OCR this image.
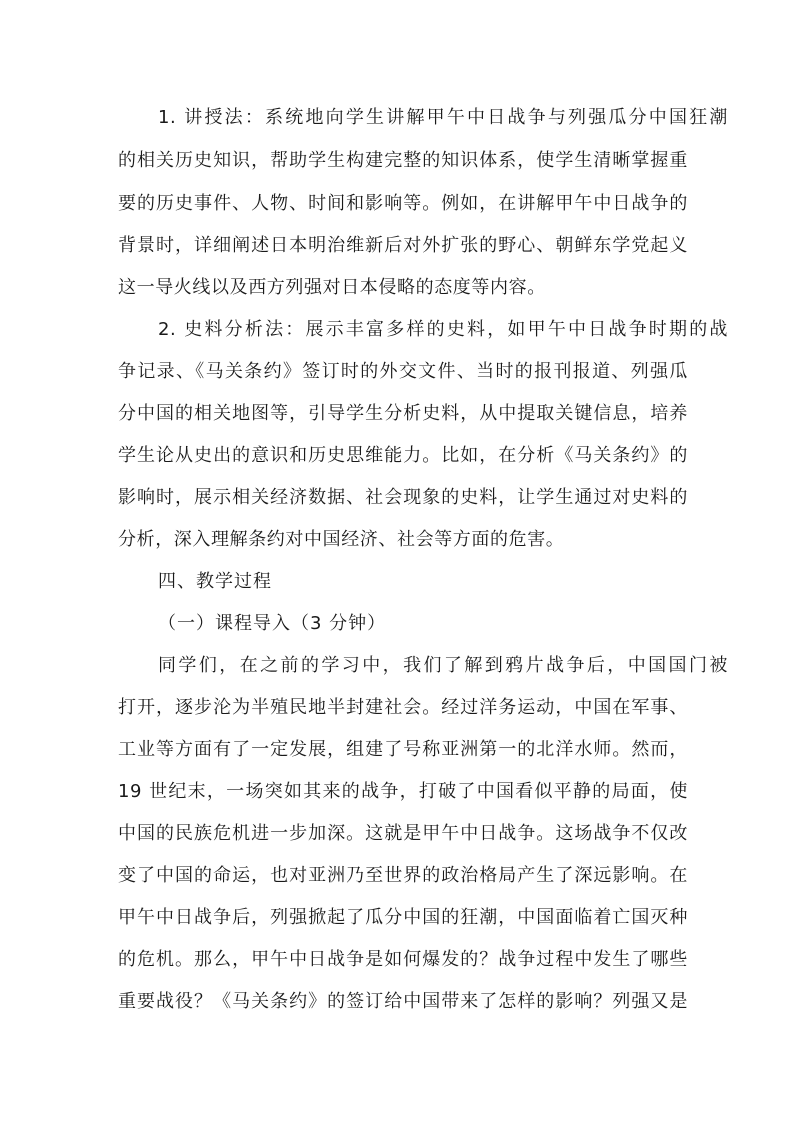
1. 讲授法：系统地向学生讲解甲午中日战争与列强瓜分中国狂潮
的相关历史知识，帮助学生构建完整的知识体系，使学生清晰掌握重
要的历史事件、人物、时间和影响等。例如，在讲解甲午中日战争的
背景时，详细阐述日本明治维新后对外扩张的野心、朝鲜东学党起义
这一导火线以及西方列强对日本侵略的态度等内容。
2. 史料分析法：展示丰富多样的史料，如甲午中日战争时期的战
争记录、《马关条约》签订时的外交文件、当时的报刊报道、列强瓜
分中国的相关地图等，引导学生分析史料，从中提取关键信息，培养
学生论从史出的意识和历史思维能力。比如，在分析《马关条约》的
影响时，展示相关经济数据、社会现象的史料，让学生通过对史料的
分析，深入理解条约对中国经济、社会等方面的危害。
四、教学过程
（一）课程导入（3 分钟）
同学们，在之前的学习中，我们了解到鸦片战争后，中国国门被
打开，逐步沦为半殖民地半封建社会。经过洋务运动，中国在军事、
工业等方面有了一定发展，组建了号称亚洲第一的北洋水师。然而，
19 世纪末，一场突如其来的战争，打破了中国看似平静的局面，使
中国的民族危机进一步加深。这就是甲午中日战争。这场战争不仅改
变了中国的命运，也对亚洲乃至世界的政治格局产生了深远影响。在
甲午中日战争后，列强掀起了瓜分中国的狂潮，中国面临着亡国灭种
的危机。那么，甲午中日战争是如何爆发的？战争过程中发生了哪些
重要战役？《马关条约》的签订给中国带来了怎样的影响？列强又是
